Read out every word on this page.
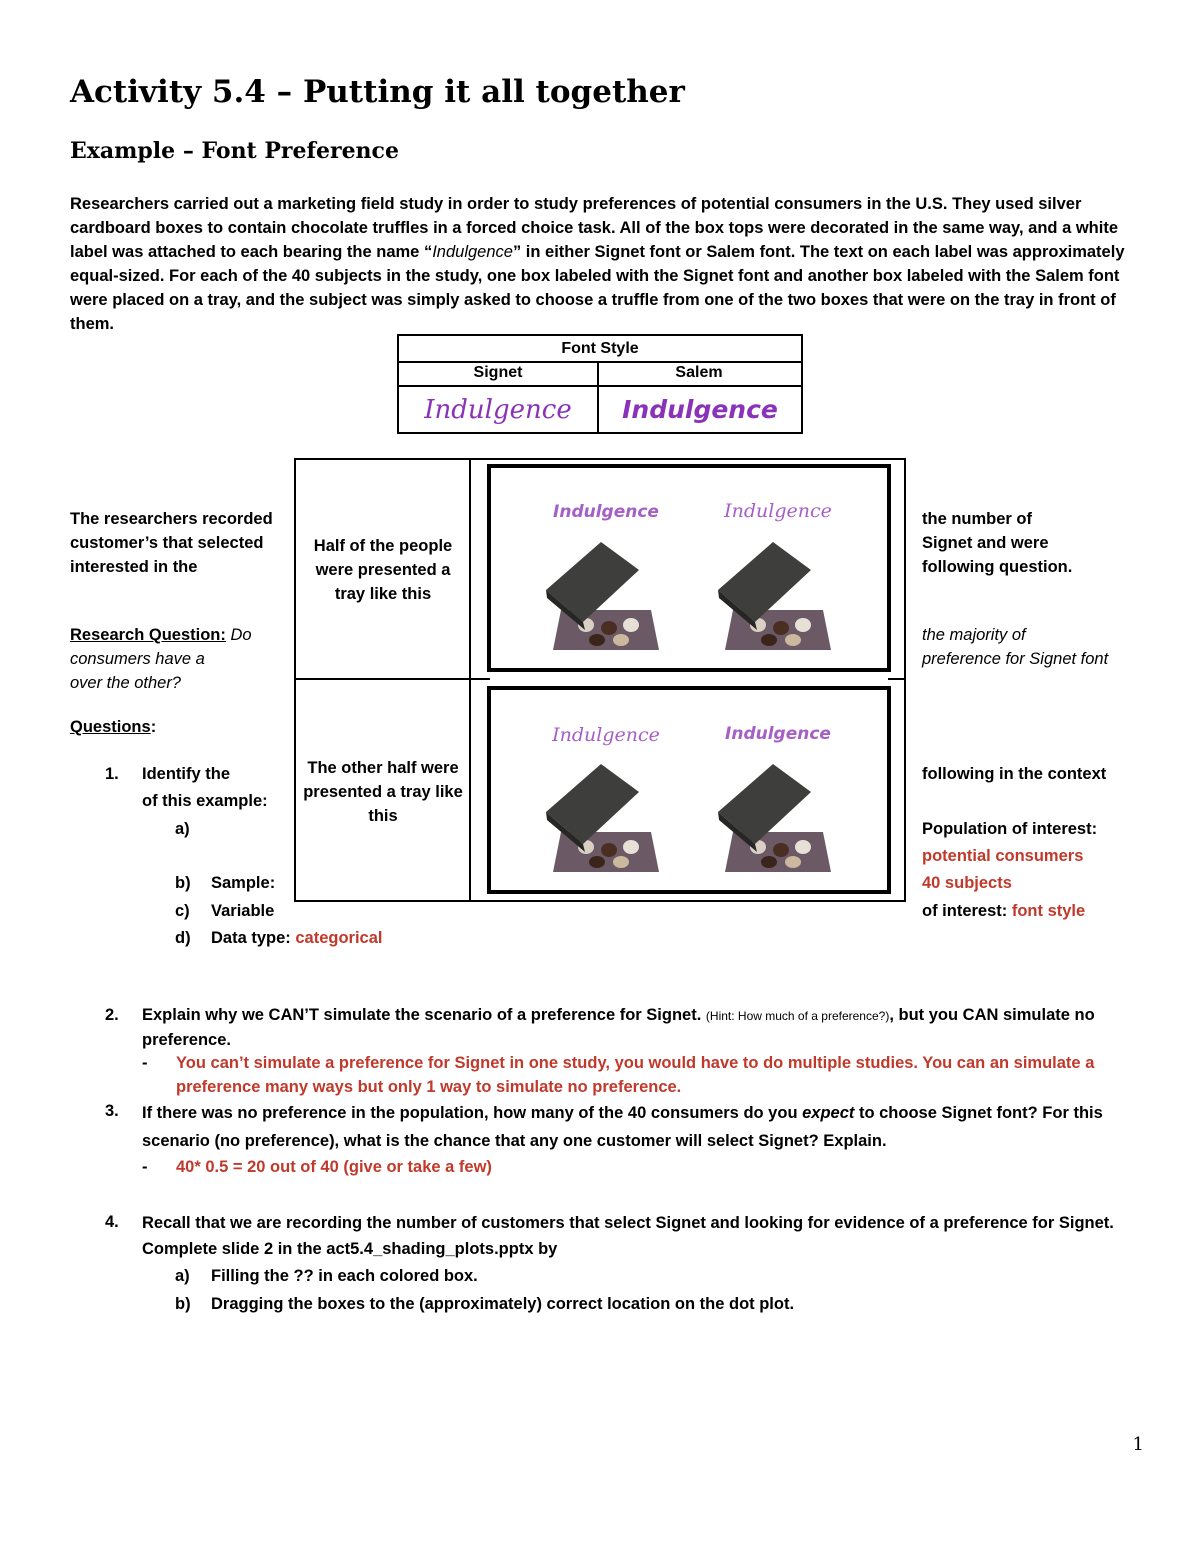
Activity 5.4 – Putting it all together
Example – Font Preference
Researchers carried out a marketing field study in order to study preferences of potential consumers in the U.S. They used silver cardboard boxes to contain chocolate truffles in a forced choice task. All of the box tops were decorated in the same way, and a white label was attached to each bearing the name “Indulgence” in either Signet font or Salem font. The text on each label was approximately equal-sized. For each of the 40 subjects in the study, one box labeled with the Signet font and another box labeled with the Salem font were placed on a tray, and the subject was simply asked to choose a truffle from one of the two boxes that were on the tray in front of them.
Font Style
Signet	Salem
Indulgence	Indulgence
Half of the people were presented a tray like this
The other half were presented a tray like this
Indulgence	Indulgence
Indulgence	Indulgence
The researchers recorded
customer’s that selected
interested in the
Research Question: Do
consumers have a
over the other?
Questions:
1. Identify the
of this example:
a)
b) Sample:
c) Variable
d) Data type: categorical
the number of
Signet and were
following question.
the majority of
preference for Signet font
following in the context
Population of interest:
potential consumers
40 subjects
of interest: font style
2. Explain why we CAN’T simulate the scenario of a preference for Signet. (Hint: How much of a preference?), but you CAN simulate no preference.
- You can’t simulate a preference for Signet in one study, you would have to do multiple studies. You can an simulate a preference many ways but only 1 way to simulate no preference.
3. If there was no preference in the population, how many of the 40 consumers do you expect to choose Signet font? For this scenario (no preference), what is the chance that any one customer will select Signet? Explain.
- 40* 0.5 = 20 out of 40 (give or take a few)
4. Recall that we are recording the number of customers that select Signet and looking for evidence of a preference for Signet. Complete slide 2 in the act5.4_shading_plots.pptx by
a) Filling the ?? in each colored box.
b) Dragging the boxes to the (approximately) correct location on the dot plot.
1
